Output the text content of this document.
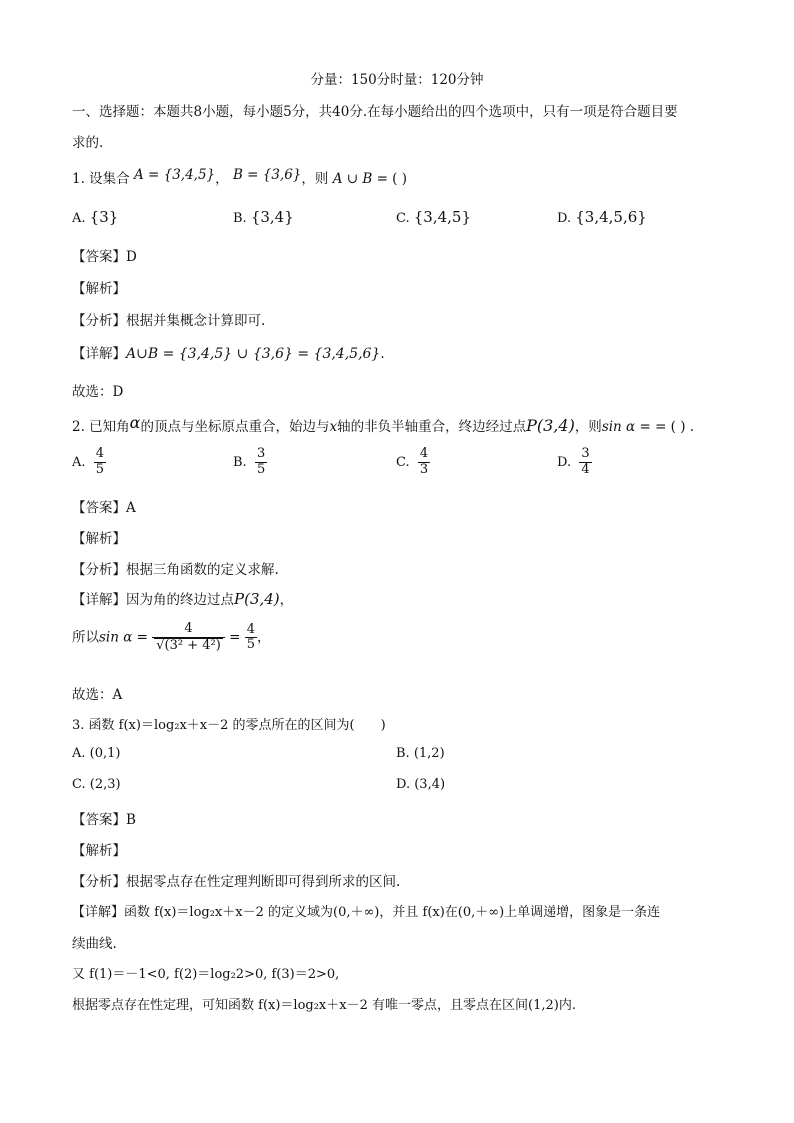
分量：150分时量：120分钟
一、选择题：本题共8小题，每小题5分，共40分.在每小题给出的四个选项中，只有一项是符合题目要
求的.
1. 设集合 A = {3,4,5}， B = {3,6}，则 A ∪ B = ( )
A. {3}	B. {3,4}	C. {3,4,5}	D. {3,4,5,6}
【答案】D
【解析】
【分析】根据并集概念计算即可.
【详解】A∪B = {3,4,5} ∪ {3,6} = {3,4,5,6}.
故选：D
2. 已知角α的顶点与坐标原点重合，始边与x轴的非负半轴重合，终边经过点P(3,4)，则sin α = = ( ) .
A. $\frac{4}{5}$	B. $\frac{3}{5}$	C. $\frac{4}{3}$	D. $\frac{3}{4}$
【答案】A
【解析】
【分析】根据三角函数的定义求解.
【详解】因为角的终边过点P(3,4)，
所以$\sin \alpha = \frac{4}{\text{√(3² + 4²)}} = \frac{4}{5}$ ，
故选：A
3. 函数 f(x)＝log₂x＋x－2 的零点所在的区间为(　　)
A. (0,1)	B. (1,2)
C. (2,3)	D. (3,4)
【答案】B
【解析】
【分析】根据零点存在性定理判断即可得到所求的区间.
【详解】函数 f(x)＝log₂x＋x－2 的定义域为(0,＋∞)，并且 f(x)在(0,＋∞)上单调递增，图象是一条连
续曲线.
又 f(1)＝－1<0, f(2)＝log₂2>0, f(3)＝2>0,
根据零点存在性定理，可知函数 f(x)＝log₂x＋x－2 有唯一零点，且零点在区间(1,2)内.
